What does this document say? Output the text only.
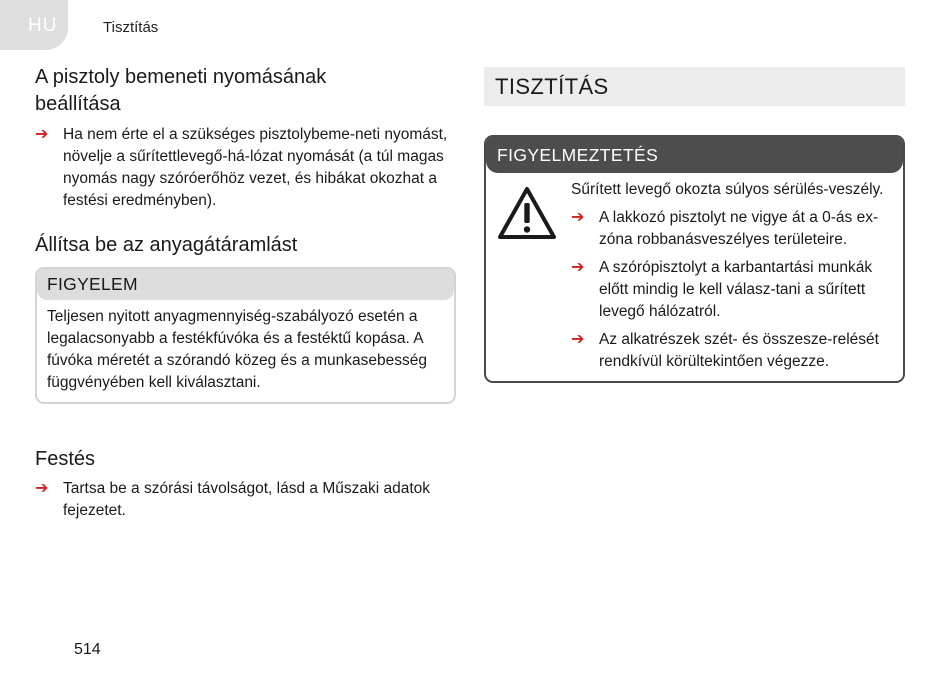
HU	Tisztítás
A pisztoly bemeneti nyomásának beállítása
➔ Ha nem érte el a szükséges pisztolybeme-neti nyomást, növelje a sűrítettlevegő-há-lózat nyomását (a túl magas nyomás nagy szóróerőhöz vezet, és hibákat okozhat a festési eredményben).
Állítsa be az anyagátáramlást
FIGYELEM
Teljesen nyitott anyagmennyiség-szabályozó esetén a legalacsonyabb a festékfúvóka és a festéktű kopása. A fúvóka méretét a szórandó közeg és a munkasebesség függvényében kell kiválasztani.
Festés
➔ Tartsa be a szórási távolságot, lásd a Műszaki adatok fejezetet.
TISZTÍTÁS
FIGYELMEZTETÉS
Sűrített levegő okozta súlyos sérülés-veszély.
➔ A lakkozó pisztolyt ne vigye át a 0-ás ex-zóna robbanásveszélyes területeire.
➔ A szórópisztolyt a karbantartási munkák előtt mindig le kell válasz-tani a sűrített levegő hálózatról.
➔ Az alkatrészek szét- és összesze-relését rendkívül körültekintően végezze.
514
